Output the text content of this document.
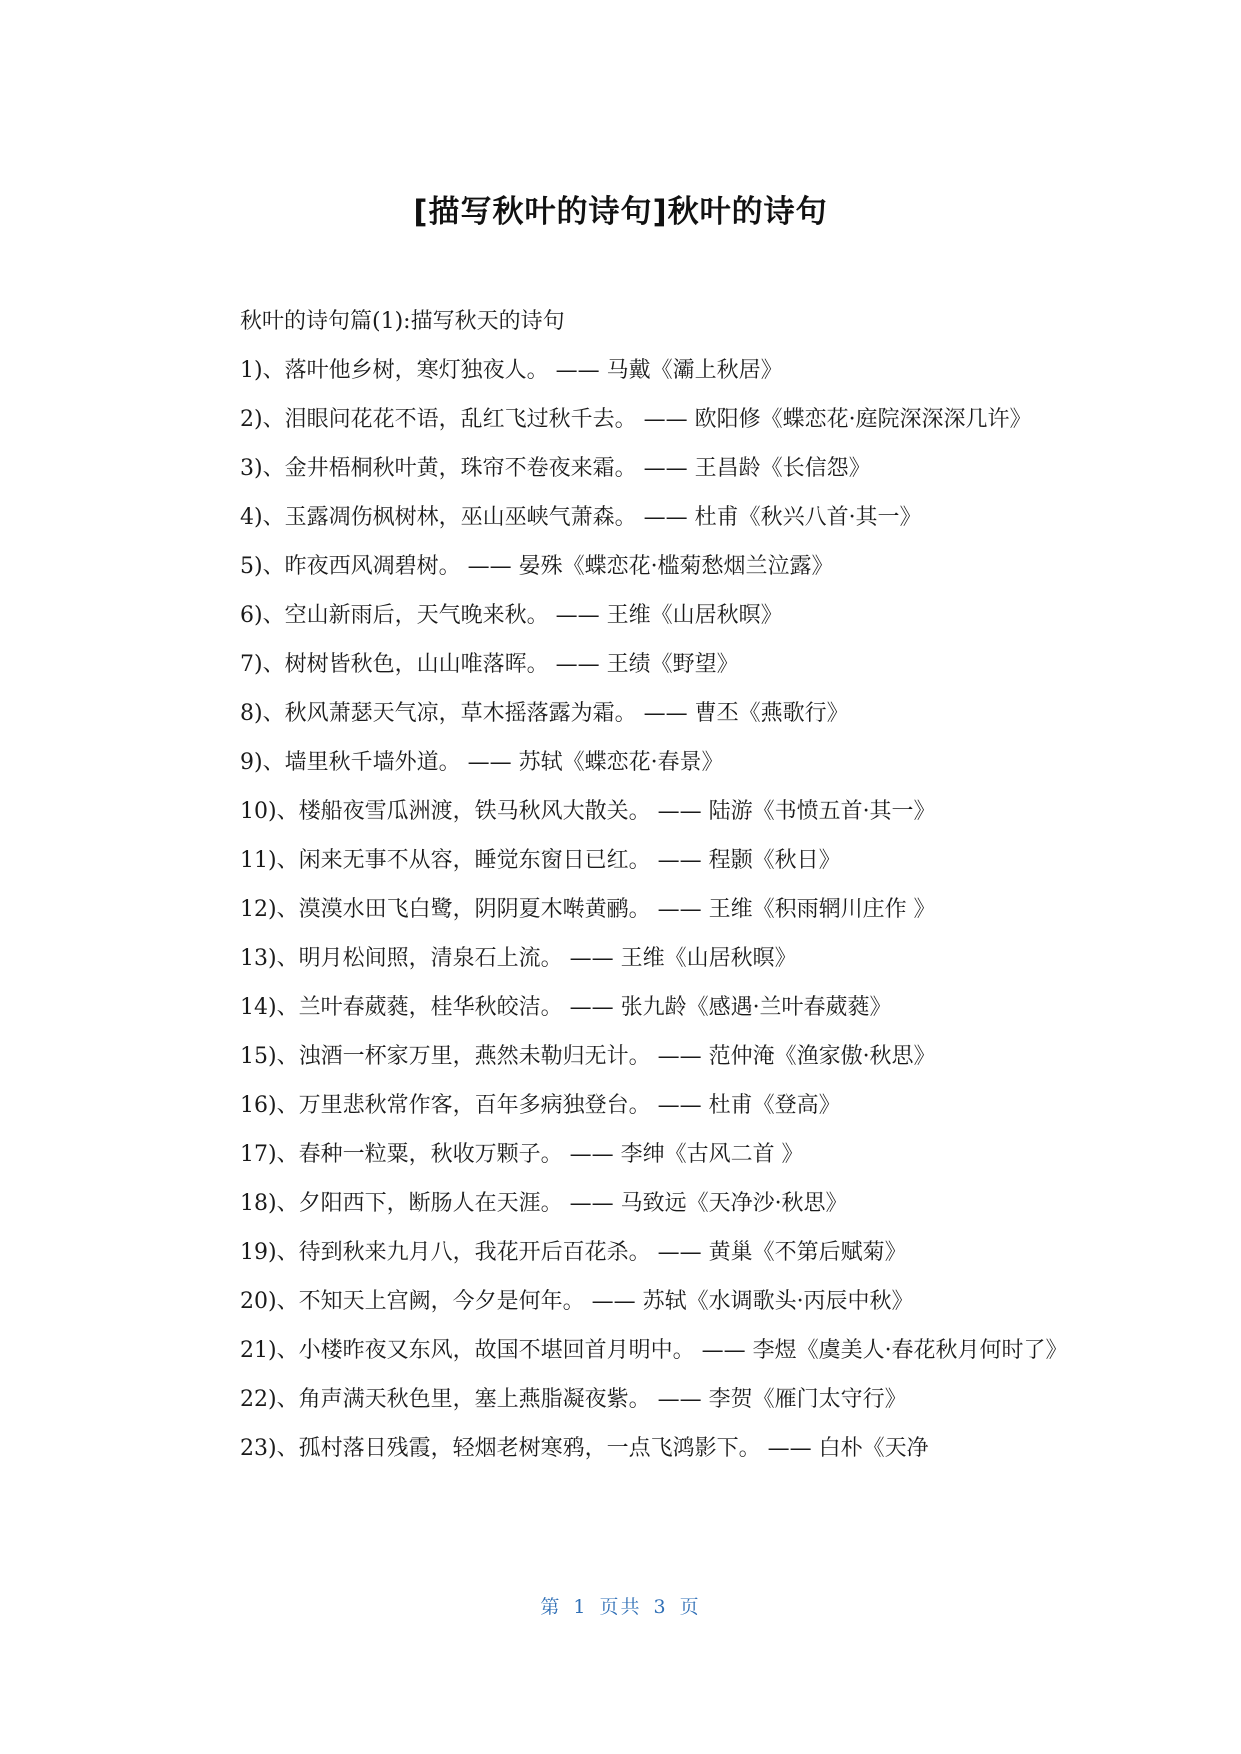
[描写秋叶的诗句]秋叶的诗句

秋叶的诗句篇(1):描写秋天的诗句

1)、落叶他乡树，寒灯独夜人。 —— 马戴《灞上秋居》

2)、泪眼问花花不语，乱红飞过秋千去。 —— 欧阳修《蝶恋花·庭院深深深几许》

3)、金井梧桐秋叶黄，珠帘不卷夜来霜。 —— 王昌龄《长信怨》

4)、玉露凋伤枫树林，巫山巫峡气萧森。 —— 杜甫《秋兴八首·其一》

5)、昨夜西风凋碧树。 —— 晏殊《蝶恋花·槛菊愁烟兰泣露》

6)、空山新雨后，天气晚来秋。 —— 王维《山居秋暝》

7)、树树皆秋色，山山唯落晖。 —— 王绩《野望》

8)、秋风萧瑟天气凉，草木摇落露为霜。 —— 曹丕《燕歌行》

9)、墙里秋千墙外道。 —— 苏轼《蝶恋花·春景》

10)、楼船夜雪瓜洲渡，铁马秋风大散关。 —— 陆游《书愤五首·其一》

11)、闲来无事不从容，睡觉东窗日已红。 —— 程颢《秋日》

12)、漠漠水田飞白鹭，阴阴夏木啭黄鹂。 —— 王维《积雨辋川庄作 》

13)、明月松间照，清泉石上流。 —— 王维《山居秋暝》

14)、兰叶春葳蕤，桂华秋皎洁。 —— 张九龄《感遇·兰叶春葳蕤》

15)、浊酒一杯家万里，燕然未勒归无计。 —— 范仲淹《渔家傲·秋思》

16)、万里悲秋常作客，百年多病独登台。 —— 杜甫《登高》

17)、春种一粒粟，秋收万颗子。 —— 李绅《古风二首 》

18)、夕阳西下，断肠人在天涯。 —— 马致远《天净沙·秋思》

19)、待到秋来九月八，我花开后百花杀。 —— 黄巢《不第后赋菊》

20)、不知天上宫阙，今夕是何年。 —— 苏轼《水调歌头·丙辰中秋》

21)、小楼昨夜又东风，故国不堪回首月明中。 —— 李煜《虞美人·春花秋月何时了》

22)、角声满天秋色里，塞上燕脂凝夜紫。 —— 李贺《雁门太守行》

23)、孤村落日残霞，轻烟老树寒鸦，一点飞鸿影下。 —— 白朴《天净

第 1 页共 3 页
